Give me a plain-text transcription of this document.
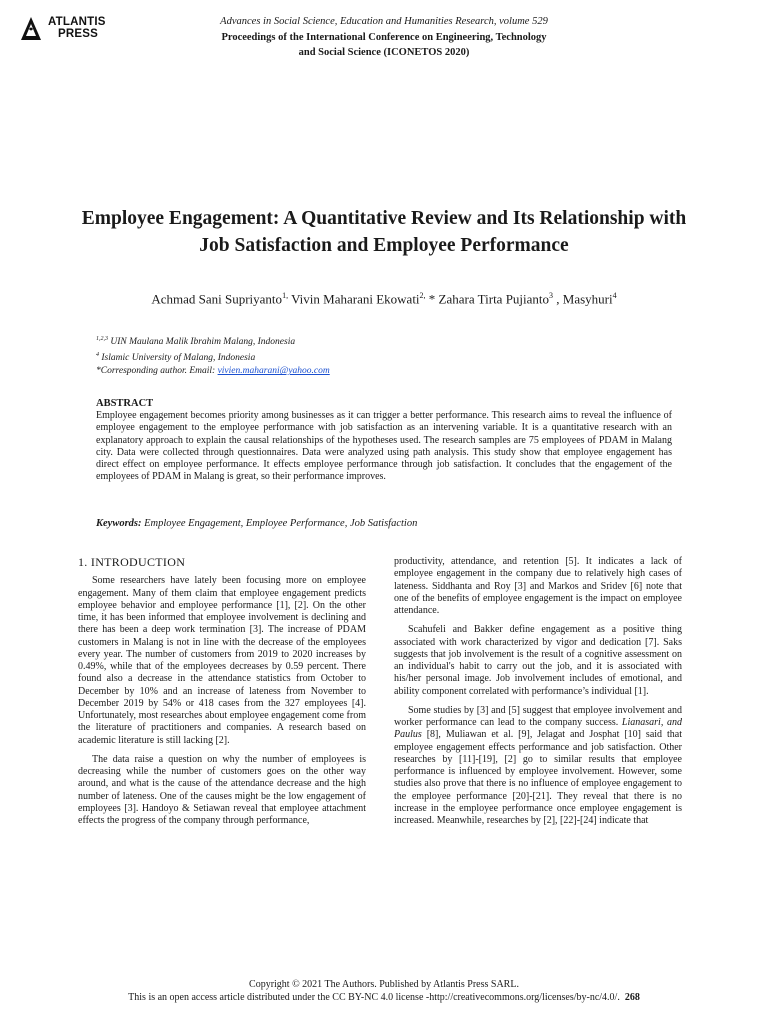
ATLANTIS
PRESS
Advances in Social Science, Education and Humanities Research, volume 529
Proceedings of the International Conference on Engineering, Technology
and Social Science (ICONETOS 2020)
Employee Engagement: A Quantitative Review and Its Relationship with Job Satisfaction and Employee Performance
Achmad Sani Supriyanto$^{1,}$ Vivin Maharani Ekowati$^{2,}$ * Zahara Tirta Pujianto$^3$ , Masyhuri$^4$
$^{1,2,3}$ UIN Maulana Malik Ibrahim Malang, Indonesia
$^4$ Islamic University of Malang, Indonesia
*Corresponding author. Email: vivien.maharani@yahoo.com
ABSTRACT

Employee engagement becomes priority among businesses as it can trigger a better performance. This research aims to reveal the influence of employee engagement to the employee performance with job satisfaction as an intervening variable. It is a quantitative research with an explanatory approach to explain the causal relationships of the hypotheses used. The research samples are 75 employees of PDAM in Malang city. Data were collected through questionnaires. Data were analyzed using path analysis. This study show that employee engagement has direct effect on employee performance. It effects employee performance through job satisfaction. It concludes that the engagement of the employees of PDAM in Malang is great, so their performance improves.

Keywords: Employee Engagement, Employee Performance, Job Satisfaction

1. INTRODUCTION

Some researchers have lately been focusing more on employee engagement. Many of them claim that employee engagement predicts employee behavior and employee performance [1], [2]. On the other time, it has been informed that employee involvement is declining and there has been a deep work termination [3]. The increase of PDAM customers in Malang is not in line with the decrease of the employees every year. The number of customers from 2019 to 2020 increases by 0.49%, while that of the employees decreases by 0.59 percent. There found also a decrease in the attendance statistics from October to December by 10% and an increase of lateness from November to December 2019 by 54% or 418 cases from the 327 employees [4]. Unfortunately, most researches about employee engagement come from the literature of practitioners and companies. A research based on academic literature is still lacking [2].

The data raise a question on why the number of employees is decreasing while the number of customers goes on the other way around, and what is the cause of the attendance decrease and the high number of lateness. One of the causes might be the low engagement of employees [3]. Handoyo & Setiawan reveal that employee attachment effects the progress of the company through performance,

productivity, attendance, and retention [5]. It indicates a lack of employee engagement in the company due to relatively high cases of lateness. Siddhanta and Roy [3] and Markos and Sridev [6] note that one of the benefits of employee engagement is the impact on employee attendance.

Scahufeli and Bakker define engagement as a positive thing associated with work characterized by vigor and dedication [7]. Saks suggests that job involvement is the result of a cognitive assessment on an individual's habit to carry out the job, and it is associated with his/her personal image. Job involvement includes of emotional, and ability component correlated with performance’s individual [1].

Some studies by [3] and [5] suggest that employee involvement and worker performance can lead to the company success. Lianasari, and Paulus [8], Muliawan et al. [9], Jelagat and Josphat [10] said that employee engagement effects performance and job satisfaction. Other researches by [11]-[19], [2] go to similar results that employee performance is influenced by employee involvement. However, some studies also prove that there is no influence of employee engagement to the employee performance [20]-[21]. They reveal that there is no increase in the employee performance once employee engagement is increased. Meanwhile, researches by [2], [22]-[24] indicate that

Copyright © 2021 The Authors. Published by Atlantis Press SARL.
This is an open access article distributed under the CC BY-NC 4.0 license -http://creativecommons.org/licenses/by-nc/4.0/. 268
